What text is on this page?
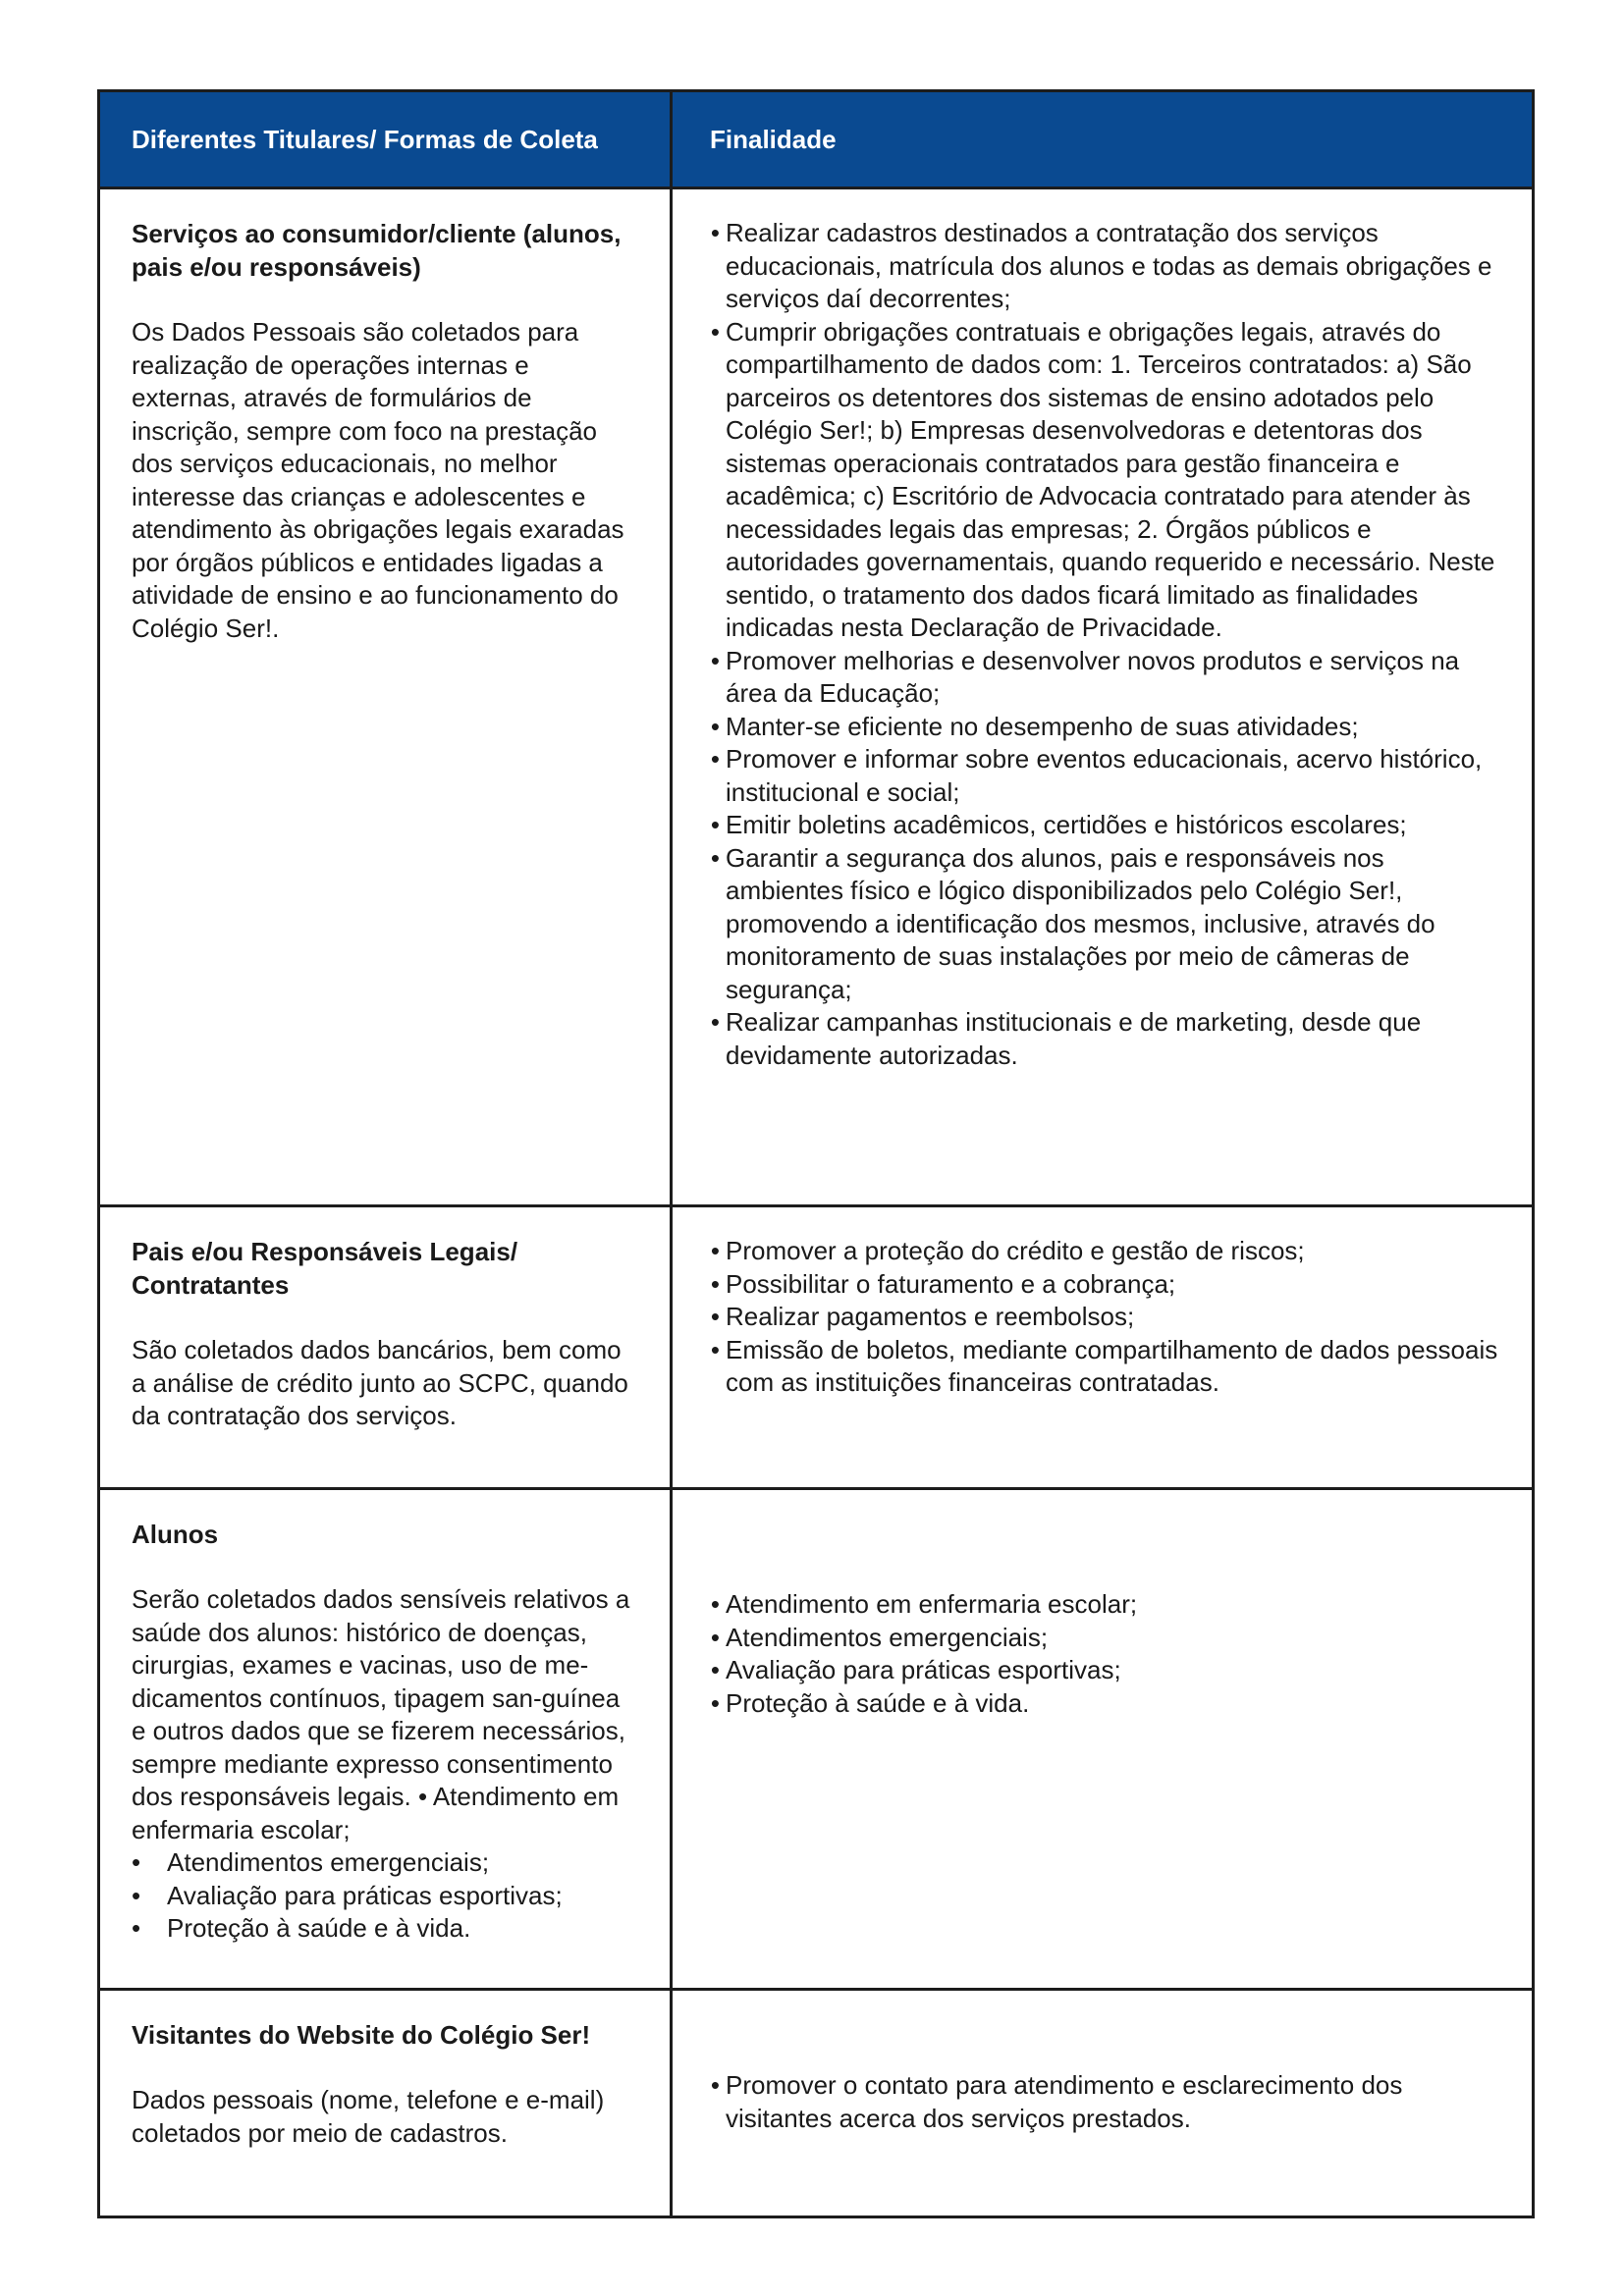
Diferentes Titulares/ Formas de Coleta	Finalidade

Serviços ao consumidor/cliente (alunos, pais e/ou responsáveis)

Os Dados Pessoais são coletados para realização de operações internas e externas, através de formulários de inscrição, sempre com foco na prestação dos serviços educacionais, no melhor interesse das crianças e adolescentes e atendimento às obrigações legais exaradas por órgãos públicos e entidades ligadas a atividade de ensino e ao funcionamento do Colégio Ser!.

• Realizar cadastros destinados a contratação dos serviços educacionais, matrícula dos alunos e todas as demais obrigações e serviços daí decorrentes;
• Cumprir obrigações contratuais e obrigações legais, através do compartilhamento de dados com: 1. Terceiros contratados: a) São parceiros os detentores dos sistemas de ensino adotados pelo Colégio Ser!; b) Empresas desenvolvedoras e detentoras dos sistemas operacionais contratados para gestão financeira e acadêmica; c) Escritório de Advocacia contratado para atender às necessidades legais das empresas; 2. Órgãos públicos e autoridades governamentais, quando requerido e necessário. Neste sentido, o tratamento dos dados ficará limitado as finalidades indicadas nesta Declaração de Privacidade.
• Promover melhorias e desenvolver novos produtos e serviços na área da Educação;
• Manter-se eficiente no desempenho de suas atividades;
• Promover e informar sobre eventos educacionais, acervo histórico, institucional e social;
• Emitir boletins acadêmicos, certidões e históricos escolares;
• Garantir a segurança dos alunos, pais e responsáveis nos ambientes físico e lógico disponibilizados pelo Colégio Ser!, promovendo a identificação dos mesmos, inclusive, através do monitoramento de suas instalações por meio de câmeras de segurança;
• Realizar campanhas institucionais e de marketing, desde que devidamente autorizadas.

Pais e/ou Responsáveis Legais/ Contratantes

São coletados dados bancários, bem como a análise de crédito junto ao SCPC, quando da contratação dos serviços.

• Promover a proteção do crédito e gestão de riscos;
• Possibilitar o faturamento e a cobrança;
• Realizar pagamentos e reembolsos;
• Emissão de boletos, mediante compartilhamento de dados pessoais com as instituições financeiras contratadas.

Alunos

Serão coletados dados sensíveis relativos a saúde dos alunos: histórico de doenças, cirurgias, exames e vacinas, uso de me-dicamentos contínuos, tipagem san-guínea e outros dados que se fizerem necessários, sempre mediante expresso consentimento dos responsáveis legais. • Atendimento em enfermaria escolar;

• Atendimentos emergenciais;
• Avaliação para práticas esportivas;
• Proteção à saúde e à vida.
• Atendimento em enfermaria escolar;
• Atendimentos emergenciais;
• Avaliação para práticas esportivas;
• Proteção à saúde e à vida.

Visitantes do Website do Colégio Ser!

Dados pessoais (nome, telefone e e-mail) coletados por meio de cadastros.

• Promover o contato para atendimento e esclarecimento dos visitantes acerca dos serviços prestados.
